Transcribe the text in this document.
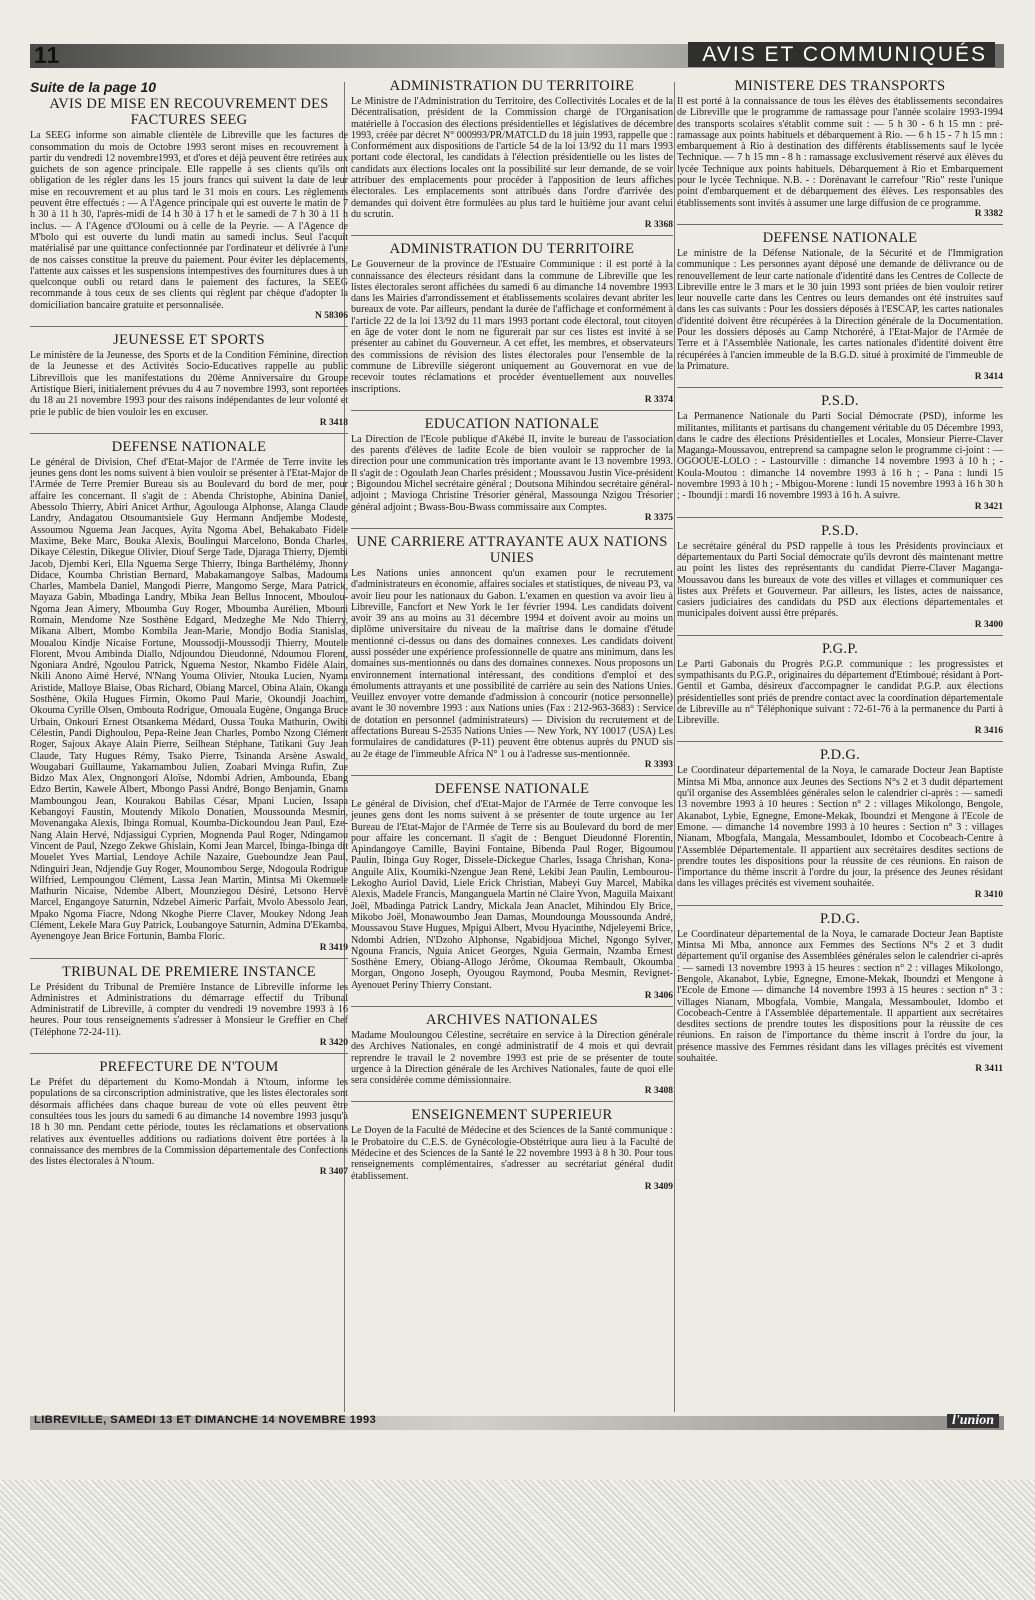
11	AVIS ET COMMUNIQUÉS
Suite de la page 10
AVIS DE MISE EN RECOUVREMENT DES FACTURES SEEG

La SEEG informe son aimable clientèle de Libreville que les factures de consommation du mois de Octobre 1993 seront mises en recouvrement à partir du vendredi 12 novembre1993, et d'ores et déjà peuvent être retirées aux guichets de son agence principale. Elle rappelle à ses clients qu'ils ont obligation de les régler dans les 15 jours francs qui suivent la date de leur mise en recouvrement et au plus tard le 31 mois en cours. Les règlements peuvent être effectués : — A l'Agence principale qui est ouverte le matin de 7 h 30 à 11 h 30, l'après-midi de 14 h 30 à 17 h et le samedi de 7 h 30 à 11 h inclus. — A l'Agence d'Oloumi ou à celle de la Peyrie. — A l'Agence de M'bolo qui est ouverte du lundi matin au samedi inclus. Seul l'acquit matérialisé par une quittance confectionnée par l'ordinateur et délivrée à l'une de nos caisses constitue la preuve du paiement. Pour éviter les déplacements, l'attente aux caisses et les suspensions intempestives des fournitures dues à un quelconque oubli ou retard dans le paiement des factures, la SEEG recommande à tous ceux de ses clients qui règlent par chèque d'adopter la domiciliation bancaire gratuite et personnalisée.

N 58306
JEUNESSE ET SPORTS

Le ministère de la Jeunesse, des Sports et de la Condition Féminine, direction de la Jeunesse et des Activités Socio-Educatives rappelle au public Librevillois que les manifestations du 20ème Anniversaire du Groupe Artistique Bieri, initialement prévues du 4 au 7 novembre 1993, sont reportées du 18 au 21 novembre 1993 pour des raisons indépendantes de leur volonté et prie le public de bien vouloir les en excuser.

R 3418
DEFENSE NATIONALE

Le général de Division, Chef d'Etat-Major de l'Armée de Terre invite les jeunes gens dont les noms suivent à bien vouloir se présenter à l'Etat-Major de l'Armée de Terre Premier Bureau sis au Boulevard du bord de mer, pour affaire les concernant. Il s'agit de : Abenda Christophe, Abinina Daniel, Abessolo Thierry, Abiri Anicet Arthur, Agoulouga Alphonse, Alanga Claude Landry, Andagatou Otsoumantsiele Guy Hermann Andjembe Modeste, Assoumou Nguema Jean Jacques, Ayita Ngoma Abel, Behakabato Fidèle Maxime, Beke Marc, Bouka Alexis, Boulingui Marcelono, Bonda Charles, Dikaye Célestin, Dikegue Olivier, Diouf Serge Tade, Djaraga Thierry, Djembi Jacob, Djembi Keri, Ella Nguema Serge Thierry, Ibinga Barthélémy, Jhonny Didace, Koumba Christian Bernard, Mabakamangoye Salbas, Madouma Charles, Mambela Daniel, Mangodi Pierre, Mangomo Serge, Mara Patrick, Mayaza Gabin, Mbadinga Landry, Mbika Jean Bellus Innocent, Mboulou-Ngoma Jean Aimery, Mboumba Guy Roger, Mboumba Aurélien, Mbouni Romain, Mendome Nze Sosthène Edgard, Medzeghe Me Ndo Thierry, Mikana Albert, Mombo Kombila Jean-Marie, Mondjo Bodia Stanislas, Moualou Kindje Nicaise Fortune, Moussodji-Moussodji Thierry, Moutele Florent, Mvou Ambinda Diallo, Ndjoundou Dieudonné, Ndoumou Florent, Ngoniara André, Ngoulou Patrick, Nguema Nestor, Nkambo Fidèle Alain, Nkili Anono Aimé Hervé, N'Nang Youma Olivier, Ntouka Lucien, Nyama Aristide, Malloye Blaise, Obas Richard, Obiang Marcel, Obina Alain, Okanga Sosthène, Okila Hugues Firmin, Okomo Paul Marie, Okoundji Joachim, Okouma Cyrille Olsen, Ombouta Rodrigue, Omouala Eugène, Onganga Bruce Urbain, Onkouri Ernest Otsankema Médard, Oussa Touka Mathurin, Owibi Célestin, Pandi Dighoulou, Pepa-Reine Jean Charles, Pombo Nzong Clément Roger, Sajoux Akaye Alain Pierre, Seilhean Stéphane, Tatikani Guy Jean Claude, Taty Hugues Rémy, Tsako Pierre, Tsinanda Arsène Aswald, Wougabari Guillaume, Yakamambou Julien, Zoabari Mvinga Rufin, Zue Bidzo Max Alex, Ongnongori Aloïse, Ndombi Adrien, Ambounda, Ebang Edzo Bertin, Kawele Albert, Mbongo Passi André, Bongo Benjamin, Gnama Mamboungou Jean, Kourakou Babilas César, Mpani Lucien, Issapa Kebangoyi Faustin, Moutendy Mikolo Donatien, Moussounda Mesmin, Movenangaka Alexis, Ibinga Romual, Koumba-Dickoundou Jean Paul, Eze-Nang Alain Hervé, Ndjassigui Cyprien, Mognenda Paul Roger, Ndingamou Vincent de Paul, Nzego Zekwe Ghislain, Komi Jean Marcel, Ibinga-Ibinga dit Mouelet Yves Martial, Lendoye Achile Nazaire, Gueboundze Jean Paul, Ndinguiri Jean, Ndjendje Guy Roger, Mounombou Serge, Ndogoula Rodrigue Wilfried, Lempoungou Clément, Lassa Jean Martin, Mintsa Mi Okemuele Mathurin Nicaise, Ndembe Albert, Mounziegou Désiré, Letsono Hervé Marcel, Engangoye Saturnin, Ndzebel Aimeric Parfait, Mvolo Abessolo Jean, Mpako Ngoma Fiacre, Ndong Nkoghe Pierre Claver, Moukey Ndong Jean Clément, Lekele Mara Guy Patrick, Loubangoye Saturnin, Admina D'Ekamba, Ayenengoye Jean Brice Fortunin, Bamba Floric.

R 3419
TRIBUNAL DE PREMIERE INSTANCE

Le Président du Tribunal de Première Instance de Libreville informe les Administres et Administrations du démarrage effectif du Tribunal Administratif de Libreville, à compter du vendredi 19 novembre 1993 à 16 heures. Pour tous renseignements s'adresser à Monsieur le Greffier en Chef (Téléphone 72-24-11).

R 3420
PREFECTURE DE N'TOUM

Le Préfet du département du Komo-Mondah à N'toum, informe les populations de sa circonscription administrative, que les listes électorales sont désormais affichées dans chaque bureau de vote où elles peuvent être consultées tous les jours du samedi 6 au dimanche 14 novembre 1993 jusqu'à 18 h 30 mn. Pendant cette période, toutes les réclamations et observations relatives aux éventuelles additions ou radiations doivent être portées à la connaissance des membres de la Commission départementale des Confections des listes électorales à N'toum.

R 3407
ADMINISTRATION DU TERRITOIRE

Le Ministre de l'Administration du Territoire, des Collectivités Locales et de la Décentralisation, président de la Commission chargé de l'Organisation matérielle à l'occasion des élections présidentielles et législatives de décembre 1993, créée par décret N° 000993/PR/MATCLD du 18 juin 1993, rappelle que : Conformément aux dispositions de l'article 54 de la loi 13/92 du 11 mars 1993 portant code électoral, les candidats à l'élection présidentielle ou les listes de candidats aux élections locales ont la possibilité sur leur demande, de se voir attribuer des emplacements pour procéder à l'apposition de leurs affiches électorales. Les emplacements sont attribués dans l'ordre d'arrivée des demandes qui doivent être formulées au plus tard le huitième jour avant celui du scrutin.

R 3368
ADMINISTRATION DU TERRITOIRE

Le Gouverneur de la province de l'Estuaire Communique : il est porté à la connaissance des électeurs résidant dans la commune de Libreville que les listes électorales seront affichées du samedi 6 au dimanche 14 novembre 1993 dans les Mairies d'arrondissement et établissements scolaires devant abriter les bureaux de vote. Par ailleurs, pendant la durée de l'affichage et conformément à l'article 22 de la loi 13/92 du 11 mars 1993 portant code électoral, tout citoyen en âge de voter dont le nom ne figurerait par sur ces listes est invité à se présenter au cabinet du Gouverneur. A cet effet, les membres, et observateurs des commissions de révision des listes électorales pour l'ensemble de la commune de Libreville siégeront uniquement au Gouvernorat en vue de recevoir toutes réclamations et procéder éventuellement aux nouvelles inscriptions.

R 3374
EDUCATION NATIONALE

La Direction de l'Ecole publique d'Akébé II, invite le bureau de l'association des parents d'élèves de ladite Ecole de bien vouloir se rapprocher de la direction pour une communication très importante avant le 13 novembre 1993. Il s'agit de : Ogoulath Jean Charles président ; Moussavou Justin Vice-président ; Bigoundou Michel secrétaire général ; Doutsona Mihindou secrétaire général-adjoint ; Mavioga Christine Trésorier général, Massounga Nzigou Trésorier général adjoint ; Bwass-Bou-Bwass commissaire aux Comptes.

R 3375
UNE CARRIERE ATTRAYANTE AUX NATIONS UNIES

Les Nations unies annoncent qu'un examen pour le recrutement d'administrateurs en économie, affaires sociales et statistiques, de niveau P3, va avoir lieu pour les nationaux du Gabon. L'examen en question va avoir lieu à Libreville, Fancfort et New York le 1er février 1994. Les candidats doivent avoir 39 ans au moins au 31 décembre 1994 et doivent avoir au moins un diplôme universitaire du niveau de la maîtrise dans le domaine d'étude mentionné ci-dessus ou dans des domaines connexes. Les candidats doivent aussi posséder une expérience professionnelle de quatre ans minimum, dans les domaines sus-mentionnés ou dans des domaines connexes. Nous proposons un environnement international intéressant, des conditions d'emploi et des émoluments attrayants et une possibilité de carrière au sein des Nations Unies. Veuillez envoyer votre demande d'admission à concourir (notice personnelle) avant le 30 novembre 1993 : aux Nations unies (Fax : 212-963-3683) : Service de dotation en personnel (administrateurs) — Division du recrutement et de affectations Bureau S-2535 Nations Unies — New York, NY 10017 (USA) Les formulaires de candidatures (P-11) peuvent être obtenus auprès du PNUD sis au 2e étage de l'immeuble Africa N° 1 ou à l'adresse sus-mentionnée.

R 3393
DEFENSE NATIONALE

Le général de Division, chef d'Etat-Major de l'Armée de Terre convoque les jeunes gens dont les noms suivent à se présenter de toute urgence au 1er Bureau de l'Etat-Major de l'Armée de Terre sis au Boulevard du bord de mer pour affaire les concernant. Il s'agit de : Benguet Dieudonné Florentin, Apindangoye Camille, Bayini Fontaine, Bibenda Paul Roger, Bigoumou Paulin, Ibinga Guy Roger, Dissele-Dickegue Charles, Issaga Chrishan, Kona-Anguile Alix, Koumiki-Nzengue Jean René, Lekibi Jean Paulin, Lembourou-Lekogho Auriol David, Liele Erick Christian, Mabeyi Guy Marcel, Mabika Alexis, Madele Francis, Manganguela Martin né Claire Yvon, Maguila Maixant Joël, Mbadinga Patrick Landry, Mickala Jean Anaclet, Mihindou Ely Brice, Mikobo Joël, Monawoumbo Jean Damas, Moundounga Moussounda André, Moussavou Stave Hugues, Mpigui Albert, Mvou Hyacinthe, Ndjeleyemi Brice, Ndombi Adrien, N'Dzoho Alphonse, Ngabidjoua Michel, Ngongo Sylver, Ngouna Francis, Nguia Anicet Georges, Nguia Germain, Nzamba Ernest Sosthène Emery, Obiang-Allogo Jérôme, Okoumaa Rembault, Okoumba Morgan, Ongono Joseph, Oyougou Raymond, Pouba Mesmin, Revignet-Ayenouet Periny Thierry Constant.

R 3406
ARCHIVES NATIONALES

Madame Mouloungou Célestine, secrétaire en service à la Direction générale des Archives Nationales, en congé administratif de 4 mois et qui devrait reprendre le travail le 2 novembre 1993 est prie de se présenter de toute urgence à la Direction générale de les Archives Nationales, faute de quoi elle sera considérée comme démissionnaire.

R 3408
ENSEIGNEMENT SUPERIEUR

Le Doyen de la Faculté de Médecine et des Sciences de la Santé communique : le Probatoire du C.E.S. de Gynécologie-Obstétrique aura lieu à la Faculté de Médecine et des Sciences de la Santé le 22 novembre 1993 à 8 h 30. Pour tous renseignements complémentaires, s'adresser au secrétariat général dudit établissement.

R 3409
MINISTERE DES TRANSPORTS

Il est porté à la connaissance de tous les élèves des établissements secondaires de Libreville que le programme de ramassage pour l'année scolaire 1993-1994 des transports scolaires s'établit comme suit : — 5 h 30 - 6 h 15 mn : pré-ramassage aux points habituels et débarquement à Rio. — 6 h 15 - 7 h 15 mn : embarquement à Rio à destination des différents établissements sauf le lycée Technique. — 7 h 15 mn - 8 h : ramassage exclusivement réservé aux élèves du lycée Technique aux points habituels. Débarquement à Rio et Embarquement pour le lycée Technique. N.B. - : Dorénavant le carrefour "Rio" reste l'unique point d'embarquement et de débarquement des élèves. Les responsables des établissements sont invités à assumer une large diffusion de ce programme.

R 3382
DEFENSE NATIONALE

Le ministre de la Défense Nationale, de la Sécurité et de l'Immigration communique : Les personnes ayant déposé une demande de délivrance ou de renouvellement de leur carte nationale d'identité dans les Centres de Collecte de Libreville entre le 3 mars et le 30 juin 1993 sont priées de bien vouloir retirer leur nouvelle carte dans les Centres ou leurs demandes ont été instruites sauf dans les cas suivants : Pour les dossiers déposés à l'ESCAP, les cartes nationales d'identité doivent être récupérées à la Direction générale de la Documentation. Pour les dossiers déposés au Camp Ntchoréré, à l'Etat-Major de l'Armée de Terre et à l'Assemblée Nationale, les cartes nationales d'identité doivent être récupérées à l'ancien immeuble de la B.G.D. situé à proximité de l'immeuble de la Primature.

R 3414
P.S.D.

La Permanence Nationale du Parti Social Démocrate (PSD), informe les militantes, militants et partisans du changement véritable du 05 Décembre 1993, dans le cadre des élections Présidentielles et Locales, Monsieur Pierre-Claver Maganga-Moussavou, entreprend sa campagne selon le programme ci-joint : — OGOOUE-LOLO : - Lastourville : dimanche 14 novembre 1993 à 10 h ; - Koula-Moutou : dimanche 14 novembre 1993 à 16 h ; - Pana : lundi 15 novembre 1993 à 10 h ; - Mbigou-Morene : lundi 15 novembre 1993 à 16 h 30 h ; - Iboundji : mardi 16 novembre 1993 à 16 h. A suivre.

R 3421
P.S.D.

Le secrétaire général du PSD rappelle à tous les Présidents provinciaux et départementaux du Parti Social démocrate qu'ils devront dès maintenant mettre au point les listes des représentants du candidat Pierre-Claver Maganga-Moussavou dans les bureaux de vote des villes et villages et communiquer ces listes aux Préfets et Gouverneur. Par ailleurs, les listes, actes de naissance, casiers judiciaires des candidats du PSD aux élections départementales et municipales doivent aussi être préparés.

R 3400
P.G.P.

Le Parti Gabonais du Progrès P.G.P. communique : les progressistes et sympathisants du P.G.P., originaires du département d'Etimboué; résidant à Port-Gentil et Gamba, désireux d'accompagner le candidat P.G.P. aux élections présidentielles sont priés de prendre contact avec la coordination départementale de Libreville au n° Téléphonique suivant : 72-61-76 à la permanence du Parti à Libreville.

R 3416
P.D.G.

Le Coordinateur départemental de la Noya, le camarade Docteur Jean Baptiste Mintsa Mi Mba, annonce aux Jeunes des Sections N°s 2 et 3 dudit département qu'il organise des Assemblées générales selon le calendrier ci-après : — samedi 13 novembre 1993 à 10 heures : Section n° 2 : villages Mikolongo, Bengole, Akanabot, Lybie, Egnegne, Emone-Mekak, Iboundzi et Mengone à l'Ecole de Emone. — dimanche 14 novembre 1993 à 10 heures : Section n° 3 : villages Nianam, Mbogfala, Mangala, Messamboulet, Idombo et Cocobeach-Centre à l'Assemblée Départementale. Il appartient aux secrétaires desdites sections de prendre toutes les dispositions pour la réussite de ces réunions. En raison de l'importance du thème inscrit à l'ordre du jour, la présence des Jeunes résidant dans les villages précités est vivement souhaitée.

R 3410
P.D.G.

Le Coordinateur départemental de la Noya, le camarade Docteur Jean Baptiste Mintsa Mi Mba, annonce aux Femmes des Sections N°s 2 et 3 dudit département qu'il organise des Assemblées générales selon le calendrier ci-après : — samedi 13 novembre 1993 à 15 heures : section n° 2 : villages Mikolongo, Bengole, Akanabot, Lybie, Egnegne, Emone-Mekak, Iboundzi et Mengone à l'Ecole de Emone — dimanche 14 novembre 1993 à 15 heures : section n° 3 : villages Nianam, Mbogfala, Vombie, Mangala, Messamboulet, Idombo et Cocobeach-Centre à l'Assemblée départementale. Il appartient aux secrétaires desdites sections de prendre toutes les dispositions pour la réussite de ces réunions. En raison de l'importance du thème inscrit à l'ordre du jour, la présence massive des Femmes résidant dans les villages précités est vivement souhaitée.

R 3411
LIBREVILLE, SAMEDI 13 ET DIMANCHE 14 NOVEMBRE 1993	l'union
